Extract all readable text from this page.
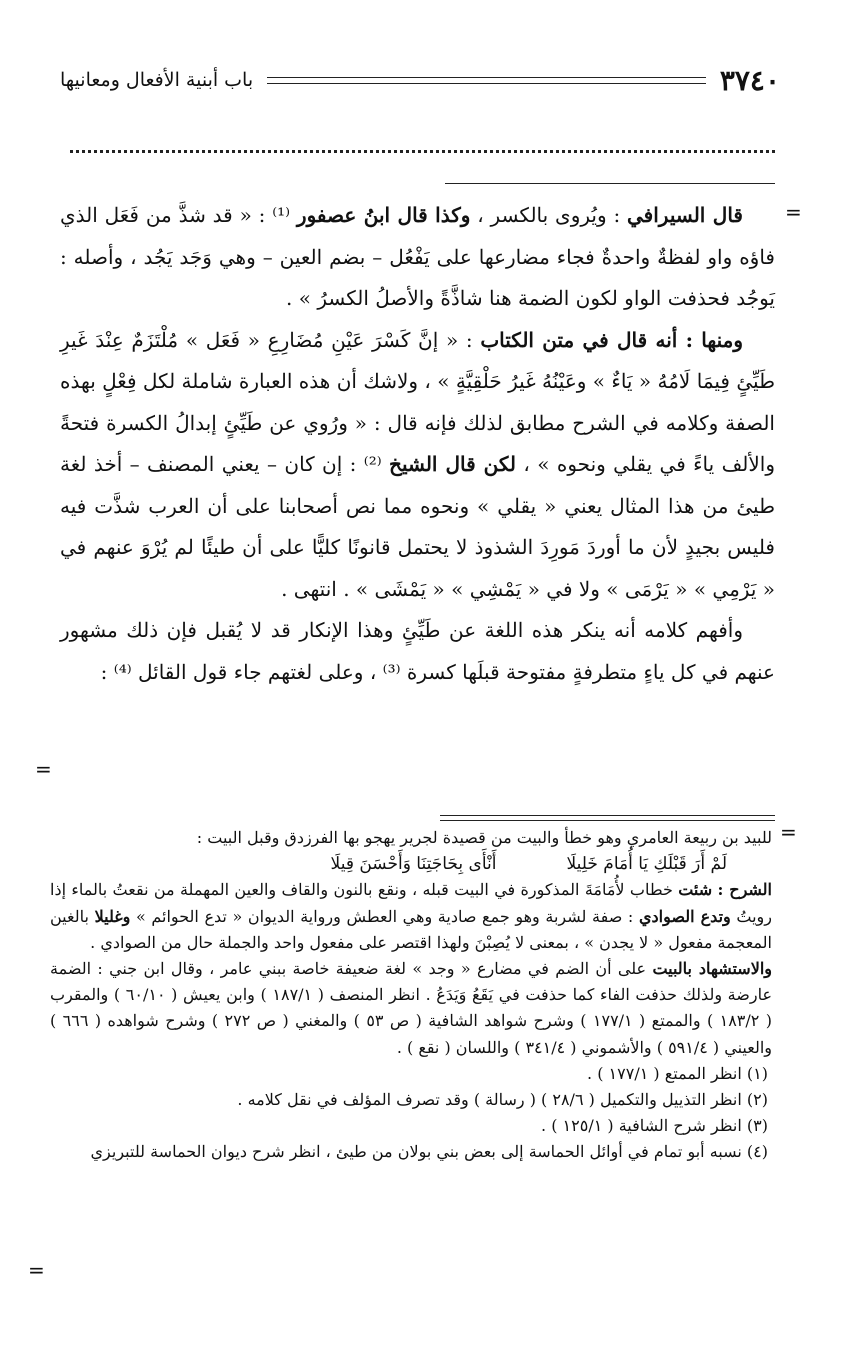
٣٧٤٠
باب أبنية الأفعال ومعانيها
=
=
=
=

قال السيرافي : ويُروى بالكسر ، وكذا قال ابنُ عصفور ⁽¹⁾ : « قد شذَّ من فَعَل الذي فاؤه واو لفظةٌ واحدةٌ فجاء مضارعها على يَفْعُل – بضم العين – وهي وَجَد يَجُد ، وأصله : يَوجُد فحذفت الواو لكون الضمة هنا شاذَّةً والأصلُ الكسرُ » .

ومنها : أنه قال في متن الكتاب : « إنَّ كَسْرَ عَيْنِ مُضَارِعِ « فَعَل » مُلْتَزَمٌ عِنْدَ غَيرِ طَيِّئٍ فِيمَا لَامُهُ « يَاءٌ » وعَيْنُهُ غَيرُ حَلْقِيَّةٍ » ، ولاشك أن هذه العبارة شاملة لكل فِعْلٍ بهذه الصفة وكلامه في الشرح مطابق لذلك فإنه قال : « ورُوي عن طَيِّئٍ إبدالُ الكسرة فتحةً والألف ياءً في يقلي ونحوه » ، لكن قال الشيخ ⁽²⁾ : إن كان – يعني المصنف – أخذ لغة طيئ من هذا المثال يعني « يقلي » ونحوه مما نص أصحابنا على أن العرب شذَّت فيه فليس بجيدٍ لأن ما أوردَ مَورِدَ الشذوذ لا يحتمل قانونًا كليًّا على أن طيئًا لم يُرْوَ عنهم في « يَرْمِي » « يَرْمَى » ولا في « يَمْشِي » « يَمْشَى » . انتهى .

وأفهم كلامه أنه ينكر هذه اللغة عن طَيِّئٍ وهذا الإنكار قد لا يُقبل فإن ذلك مشهور عنهم في كل ياءٍ متطرفةٍ مفتوحة قبلَها كسرة ⁽³⁾ ، وعلى لغتهم جاء قول القائل ⁽⁴⁾ :

للبيد بن ربيعة العامري وهو خطأ والبيت من قصيدة لجرير يهجو بها الفرزدق وقبل البيت :

لَمْ أَرَ قَبْلَكِ يَا أُمَامَ خَلِيلَا
أَنْأَى بِحَاجَتِنَا وَأَحْسَنَ قِيلَا

الشرح : شئت خطاب لأُمَامَةَ المذكورة في البيت قبله ، ونقع بالنون والقاف والعين المهملة من نقعتُ بالماء إذا رويتُ وتدع الصوادي : صفة لشربة وهو جمع صادية وهي العطش ورواية الديوان « تدع الحوائم » وغليلا بالغين المعجمة مفعول « لا يجدن » ، بمعنى لا يُصِبْنَ ولهذا اقتصر على مفعول واحد والجملة حال من الصوادي .

والاستشهاد بالبيت على أن الضم في مضارع « وجد » لغة ضعيفة خاصة ببني عامر ، وقال ابن جني : الضمة عارضة ولذلك حذفت الفاء كما حذفت في يَقَعُ وَيَدَعُ . انظر المنصف ( ١٨٧/١ ) وابن يعيش ( ٦٠/١٠ ) والمقرب ( ١٨٣/٢ ) والممتع ( ١٧٧/١ ) وشرح شواهد الشافية ( ص ٥٣ ) والمغني ( ص ٢٧٢ ) وشرح شواهده ( ٦٦٦ ) والعيني ( ٥٩١/٤ ) والأشموني ( ٣٤١/٤ ) واللسان ( نقع ) .

(١) انظر الممتع ( ١٧٧/١ ) .

(٢) انظر التذييل والتكميل ( ٢٨/٦ ) ( رسالة ) وقد تصرف المؤلف في نقل كلامه .

(٣) انظر شرح الشافية ( ١٢٥/١ ) .

(٤) نسبه أبو تمام في أوائل الحماسة إلى بعض بني بولان من طيئ ، انظر شرح ديوان الحماسة للتبريزي
